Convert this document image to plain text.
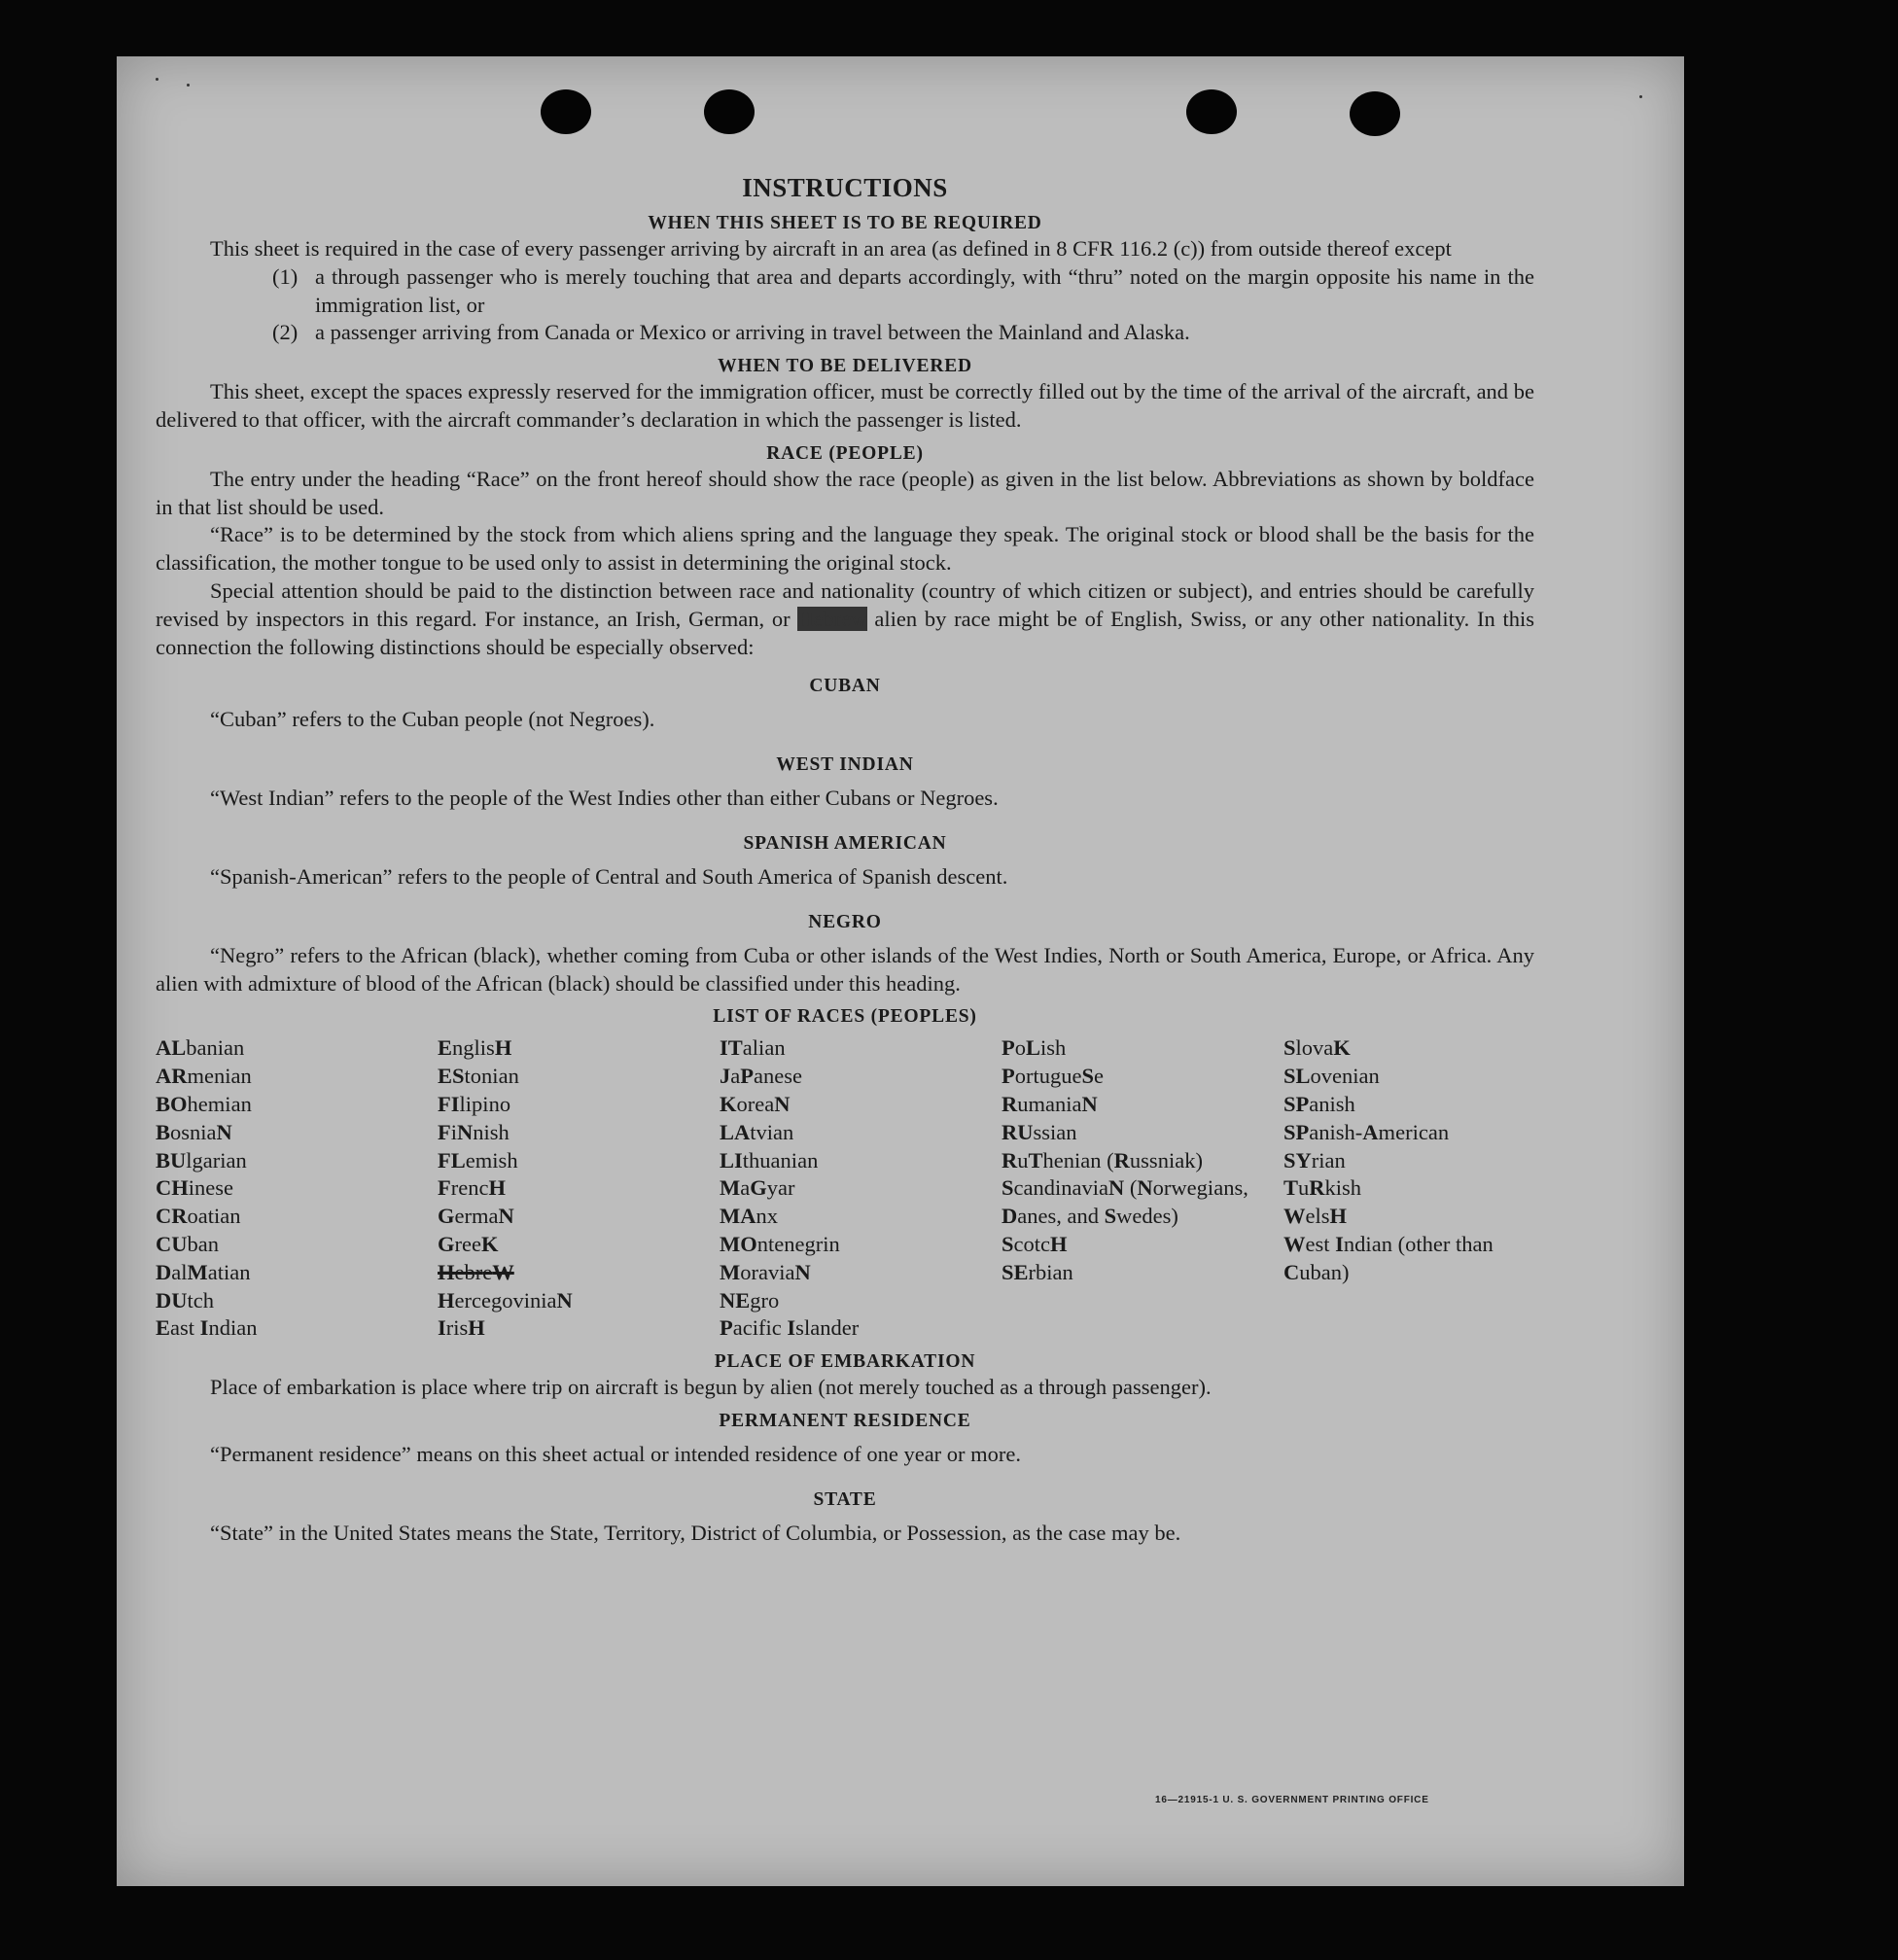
INSTRUCTIONS
WHEN THIS SHEET IS TO BE REQUIRED

This sheet is required in the case of every passenger arriving by aircraft in an area (as defined in 8 CFR 116.2 (c)) from outside thereof except

(1) a through passenger who is merely touching that area and departs accordingly, with “thru” noted on the margin opposite his name in the immigration list, or
(2) a passenger arriving from Canada or Mexico or arriving in travel between the Mainland and Alaska.
WHEN TO BE DELIVERED

This sheet, except the spaces expressly reserved for the immigration officer, must be correctly filled out by the time of the arrival of the aircraft, and be delivered to that officer, with the aircraft commander’s declaration in which the passenger is listed.

RACE (PEOPLE)

The entry under the heading “Race” on the front hereof should show the race (people) as given in the list below. Abbreviations as shown by boldface in that list should be used.

“Race” is to be determined by the stock from which aliens spring and the language they speak. The original stock or blood shall be the basis for the classification, the mother tongue to be used only to assist in determining the original stock.

Special attention should be paid to the distinction between race and nationality (country of which citizen or subject), and entries should be carefully revised by inspectors in this regard. For instance, an Irish, German, or Hebrew alien by race might be of English, Swiss, or any other nationality. In this connection the following distinctions should be especially observed:

CUBAN

“Cuban” refers to the Cuban people (not Negroes).

WEST INDIAN

“West Indian” refers to the people of the West Indies other than either Cubans or Negroes.

SPANISH AMERICAN

“Spanish-American” refers to the people of Central and South America of Spanish descent.

NEGRO

“Negro” refers to the African (black), whether coming from Cuba or other islands of the West Indies, North or South America, Europe, or Africa. Any alien with admixture of blood of the African (black) should be classified under this heading.

LIST OF RACES (PEOPLES)
ALbanian
ARmenian
BOhemian
BosniaN
BUlgarian
CHinese
CRoatian
CUban
DalMatian
DUtch
East Indian
EnglisH
EStonian
FIlipino
FiNnish
FLemish
FrencH
GermaN
GreeK
HebreW
HercegoviniaN
IrisH
ITalian
JaPanese
KoreaN
LAtvian
LIthuanian
MaGyar
MAnx
MOntenegrin
MoraviaN
NEgro
Pacific Islander
PoLish
PortugueSe
RumaniaN
RUssian
RuThenian (Russniak)
ScandinaviaN (Norwegians, Danes, and Swedes)
ScotcH
SErbian
SlovaK
SLovenian
SPanish
SPanish-American
SYrian
TuRkish
WelsH
West Indian (other than Cuban)
PLACE OF EMBARKATION

Place of embarkation is place where trip on aircraft is begun by alien (not merely touched as a through passenger).

PERMANENT RESIDENCE

“Permanent residence” means on this sheet actual or intended residence of one year or more.

STATE

“State” in the United States means the State, Territory, District of Columbia, or Possession, as the case may be.

16—21915-1 U. S. GOVERNMENT PRINTING OFFICE
